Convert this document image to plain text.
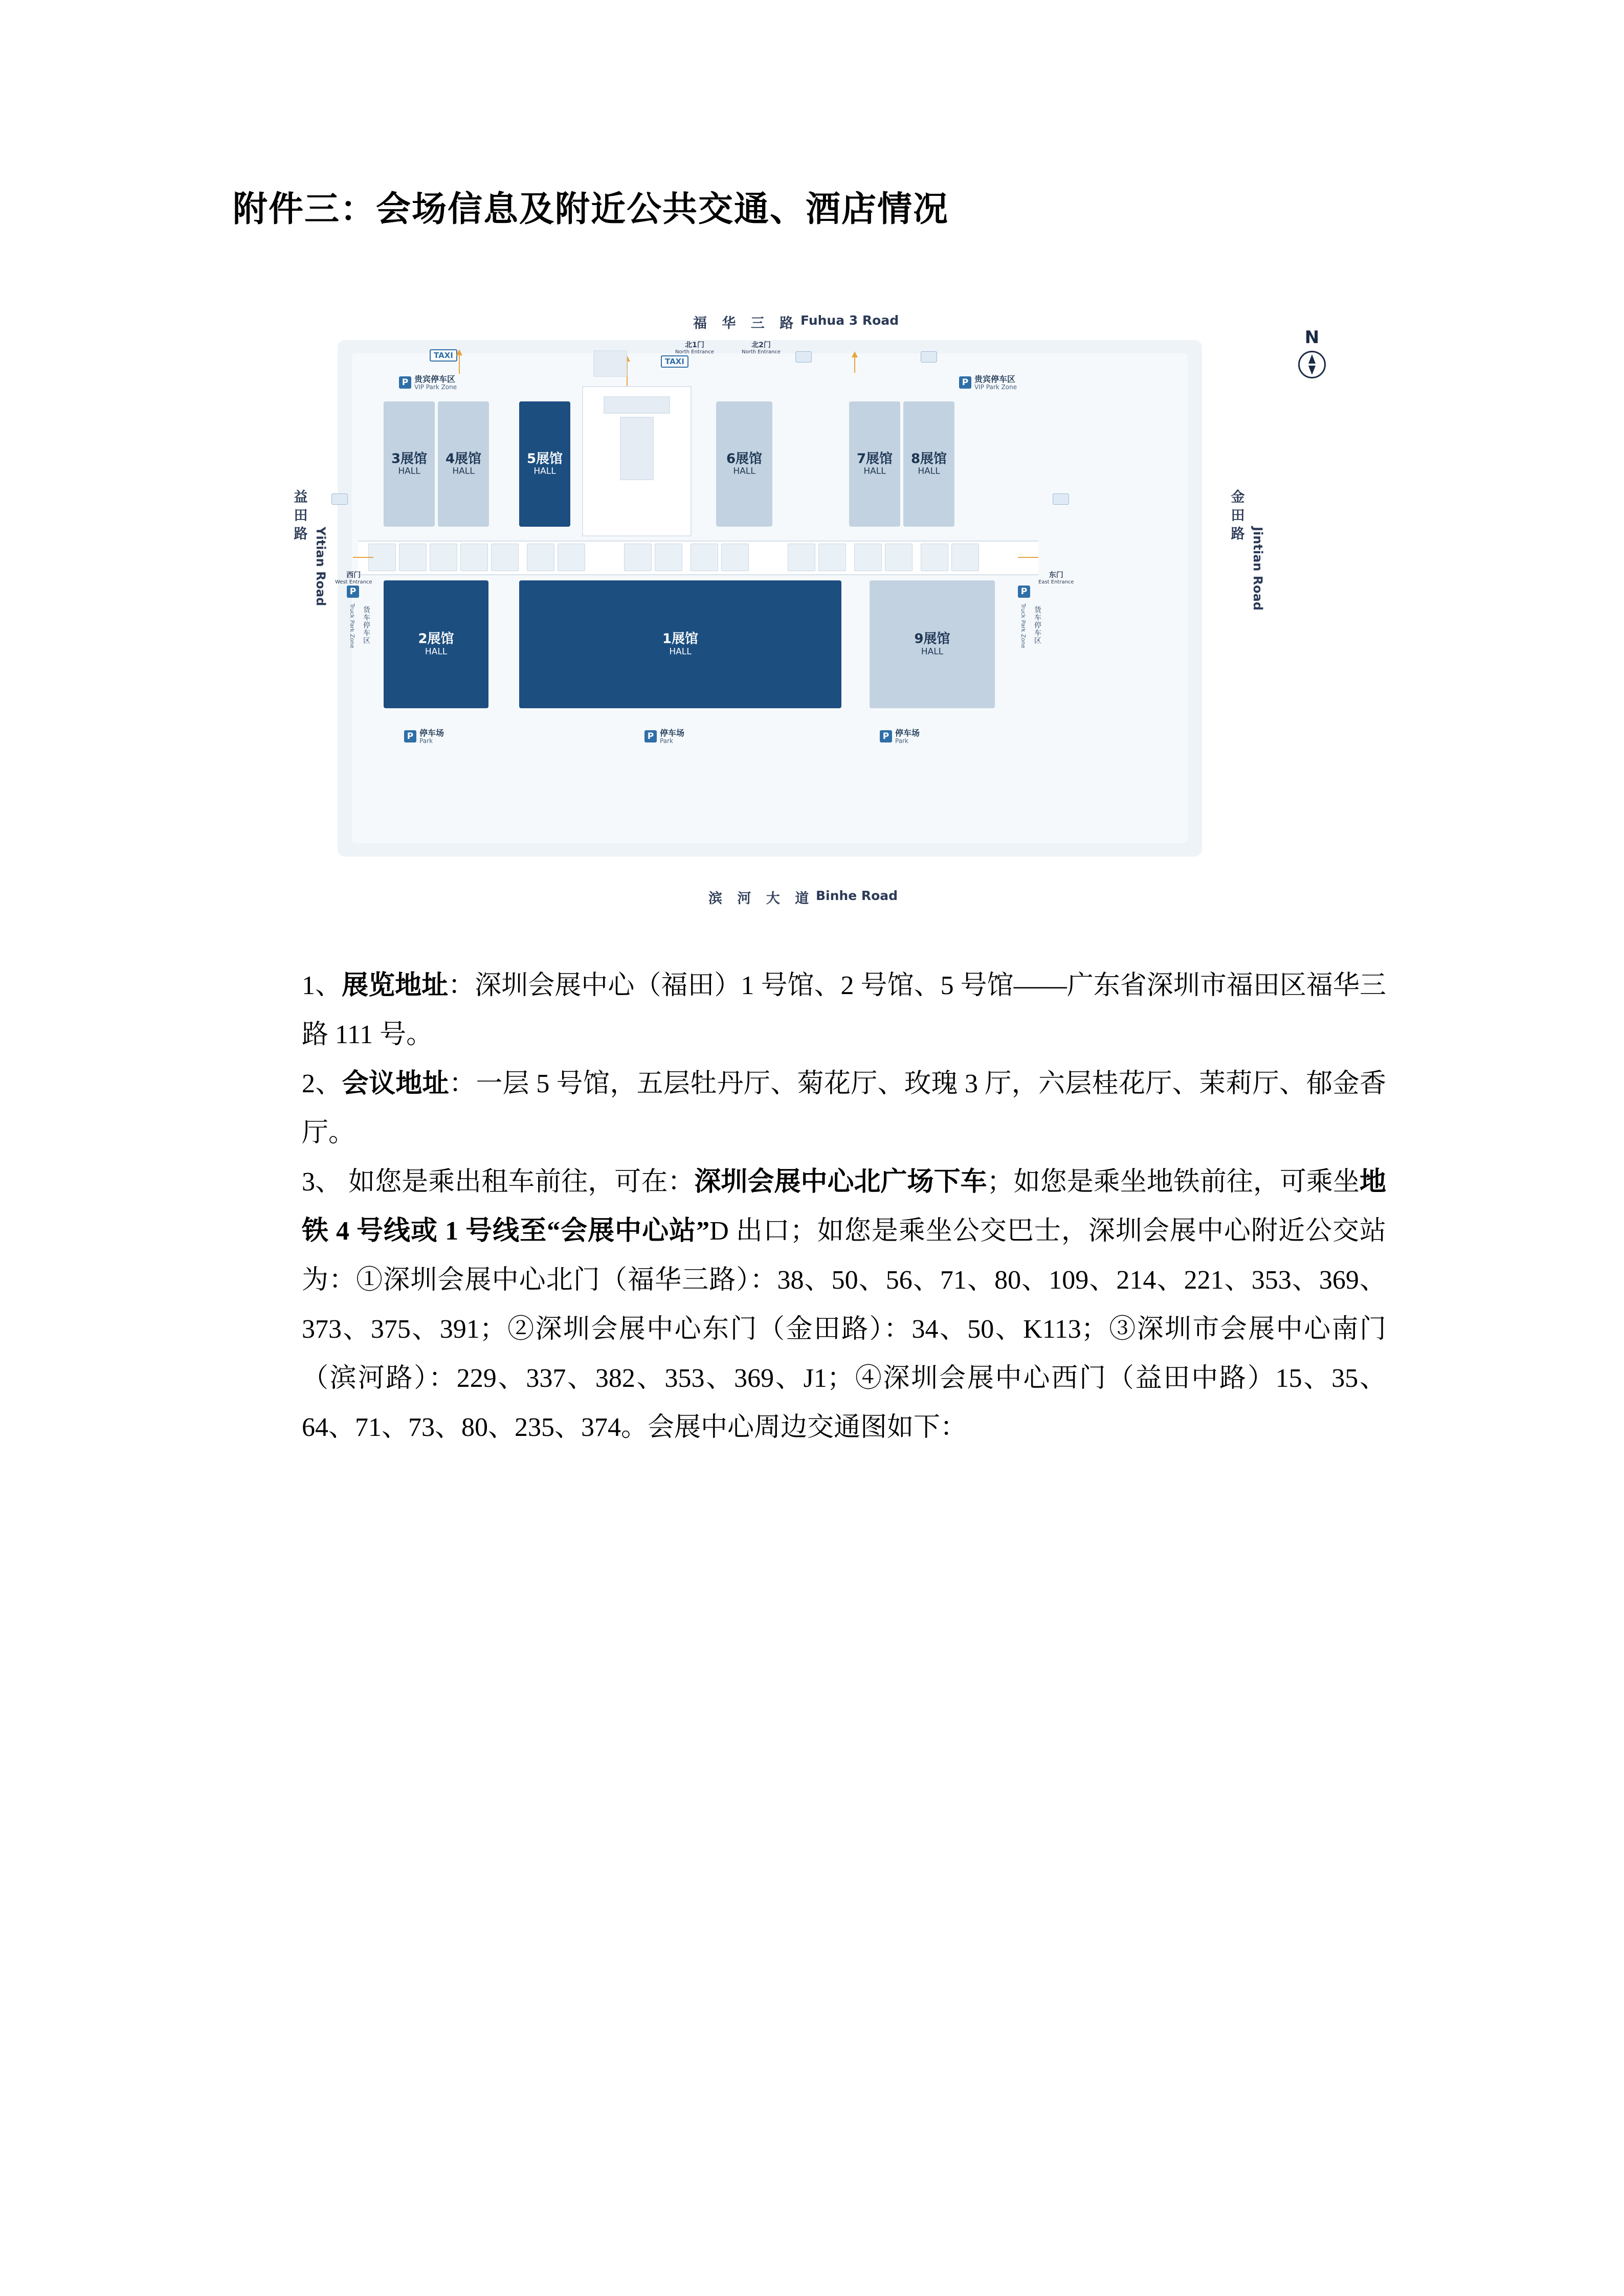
附件三：会场信息及附近公共交通、酒店情况
福 华 三 路 Fuhua 3 Road
滨 河 大 道 Binhe Road
益田路 Yitian Road
金田路 Jintian Road
N
TAXI
TAXI
北1门
North Entrance
北2门
North Entrance
P 贵宾停车区
VIP Park Zone	P 贵宾停车区
VIP Park Zone
3展馆
HALL
4展馆
HALL
5展馆
HALL
6展馆
HALL
7展馆
HALL
8展馆
HALL
西门
West Entrance
东门
East Entrance
2展馆
HALL
1展馆
HALL
9展馆
HALL
P
Truck Park Zone 货车停车区
P
Truck Park Zone 货车停车区
P 停车场
Park	P 停车场
Park	P 停车场
Park

1、展览地址：深圳会展中心（福田）1 号馆、2 号馆、5 号馆——广东省深圳市福田区福华三路 111 号。

2、会议地址：一层 5 号馆，五层牡丹厅、菊花厅、玫瑰 3 厅，六层桂花厅、茉莉厅、郁金香厅。

3、 如您是乘出租车前往，可在：深圳会展中心北广场下车；如您是乘坐地铁前往，可乘坐地铁 4 号线或 1 号线至“会展中心站”D 出口；如您是乘坐公交巴士，深圳会展中心附近公交站为：①深圳会展中心北门（福华三路）：38、50、56、71、80、109、214、221、353、369、373、375、391；②深圳会展中心东门（金田路）：34、50、K113；③深圳市会展中心南门（滨河路）：229、337、382、353、369、J1；④深圳会展中心西门（益田中路）15、35、64、71、73、80、235、374。会展中心周边交通图如下：
